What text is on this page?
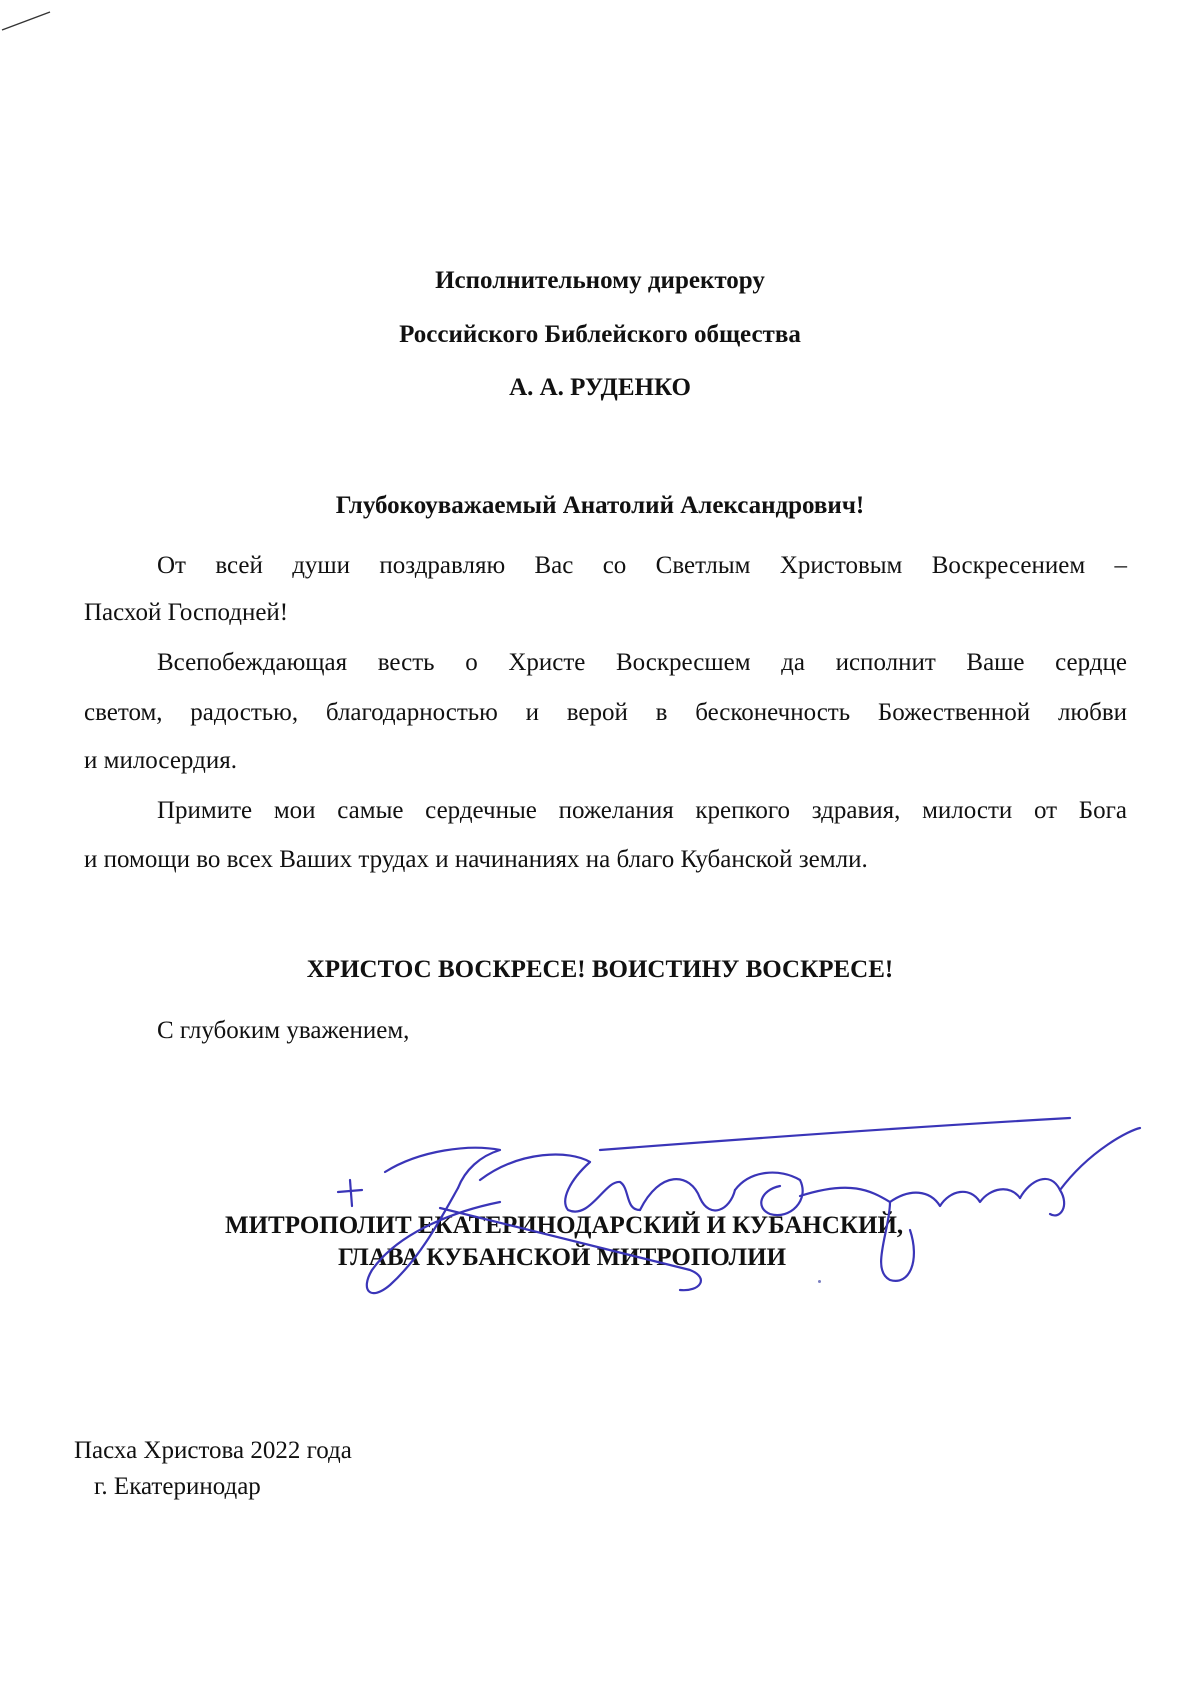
Исполнительному директору
Российского Библейского общества
А. А. РУДЕНКО
Глубокоуважаемый Анатолий Александрович!
От всей души поздравляю Вас со Светлым Христовым Воскресением –
Пасхой Господней!
Всепобеждающая весть о Христе Воскресшем да исполнит Ваше сердце
светом, радостью, благодарностью и верой в бесконечность Божественной любви
и милосердия.
Примите мои самые сердечные пожелания крепкого здравия, милости от Бога
и помощи во всех Ваших трудах и начинаниях на благо Кубанской земли.
ХРИСТОС ВОСКРЕСЕ! ВОИСТИНУ ВОСКРЕСЕ!
С глубоким уважением,
МИТРОПОЛИТ ЕКАТЕРИНОДАРСКИЙ И КУБАНСКИЙ,
ГЛАВА КУБАНСКОЙ МИТРОПОЛИИ
Пасха Христова 2022 года
г. Екатеринодар
